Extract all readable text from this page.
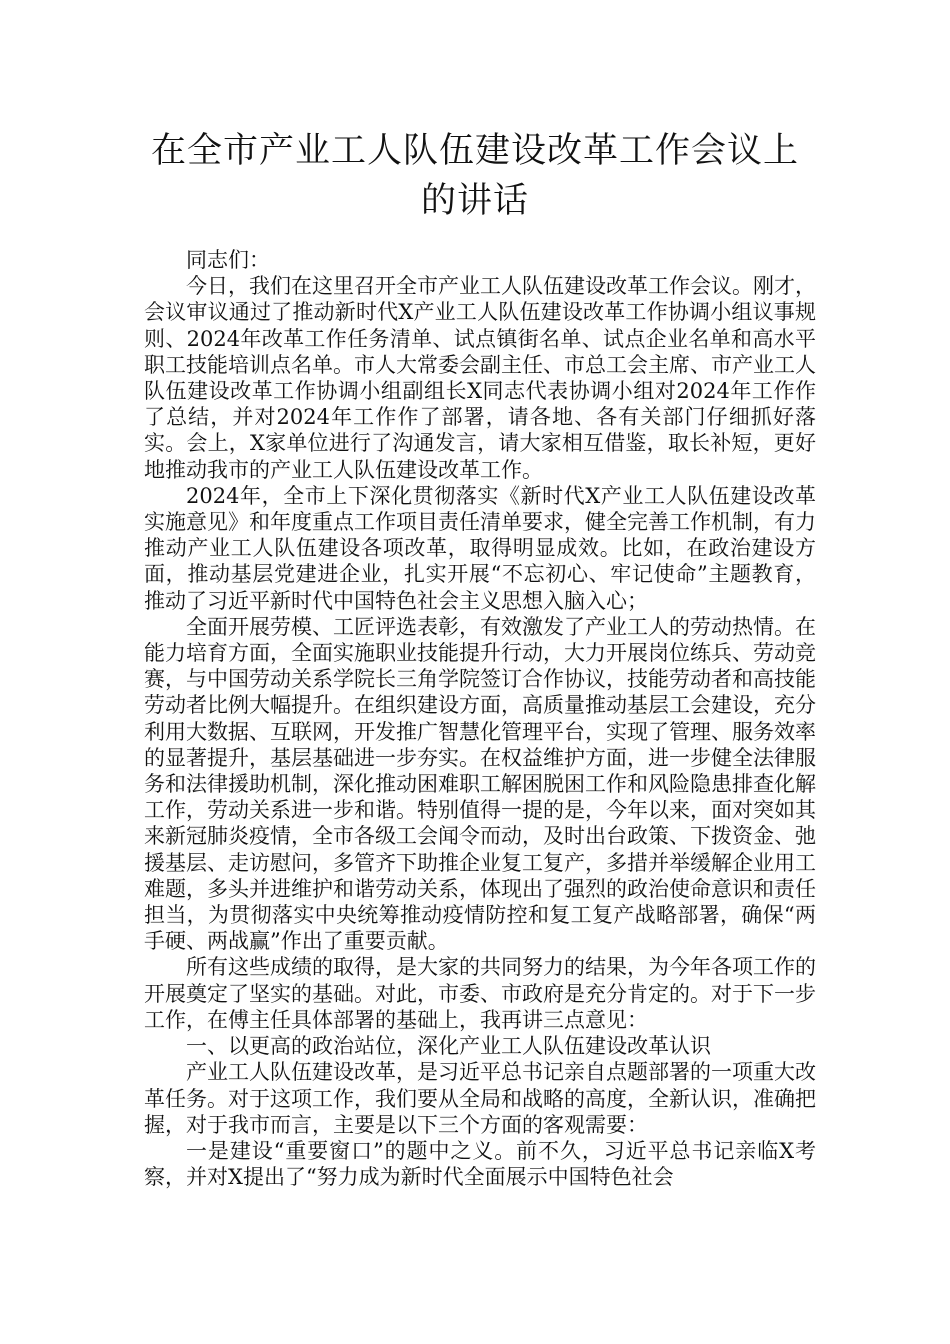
在全市产业工人队伍建设改革工作会议上
的讲话

同志们：

今日，我们在这里召开全市产业工人队伍建设改革工作会议。刚才，会议审议通过了推动新时代X产业工人队伍建设改革工作协调小组议事规则、2024年改革工作任务清单、试点镇街名单、试点企业名单和高水平职工技能培训点名单。市人大常委会副主任、市总工会主席、市产业工人队伍建设改革工作协调小组副组长X同志代表协调小组对2024年工作作了总结，并对2024年工作作了部署，请各地、各有关部门仔细抓好落实。会上，X家单位进行了沟通发言，请大家相互借鉴，取长补短，更好地推动我市的产业工人队伍建设改革工作。

2024年，全市上下深化贯彻落实《新时代X产业工人队伍建设改革实施意见》和年度重点工作项目责任清单要求，健全完善工作机制，有力推动产业工人队伍建设各项改革，取得明显成效。比如，在政治建设方面，推动基层党建进企业，扎实开展“不忘初心、牢记使命”主题教育，推动了习近平新时代中国特色社会主义思想入脑入心；

全面开展劳模、工匠评选表彰，有效激发了产业工人的劳动热情。在能力培育方面，全面实施职业技能提升行动，大力开展岗位练兵、劳动竞赛，与中国劳动关系学院长三角学院签订合作协议，技能劳动者和高技能劳动者比例大幅提升。在组织建设方面，高质量推动基层工会建设，充分利用大数据、互联网，开发推广智慧化管理平台，实现了管理、服务效率的显著提升，基层基础进一步夯实。在权益维护方面，进一步健全法律服务和法律援助机制，深化推动困难职工解困脱困工作和风险隐患排查化解工作，劳动关系进一步和谐。特别值得一提的是，今年以来，面对突如其来新冠肺炎疫情，全市各级工会闻令而动，及时出台政策、下拨资金、弛援基层、走访慰问，多管齐下助推企业复工复产，多措并举缓解企业用工难题，多头并进维护和谐劳动关系，体现出了强烈的政治使命意识和责任担当，为贯彻落实中央统筹推动疫情防控和复工复产战略部署，确保“两手硬、两战赢”作出了重要贡献。

所有这些成绩的取得，是大家的共同努力的结果，为今年各项工作的开展奠定了坚实的基础。对此，市委、市政府是充分肯定的。对于下一步工作，在傅主任具体部署的基础上，我再讲三点意见：

一、以更高的政治站位，深化产业工人队伍建设改革认识

产业工人队伍建设改革，是习近平总书记亲自点题部署的一项重大改革任务。对于这项工作，我们要从全局和战略的高度，全新认识，准确把握，对于我市而言，主要是以下三个方面的客观需要：

一是建设“重要窗口”的题中之义。前不久，习近平总书记亲临X考察，并对X提出了“努力成为新时代全面展示中国特色社会
